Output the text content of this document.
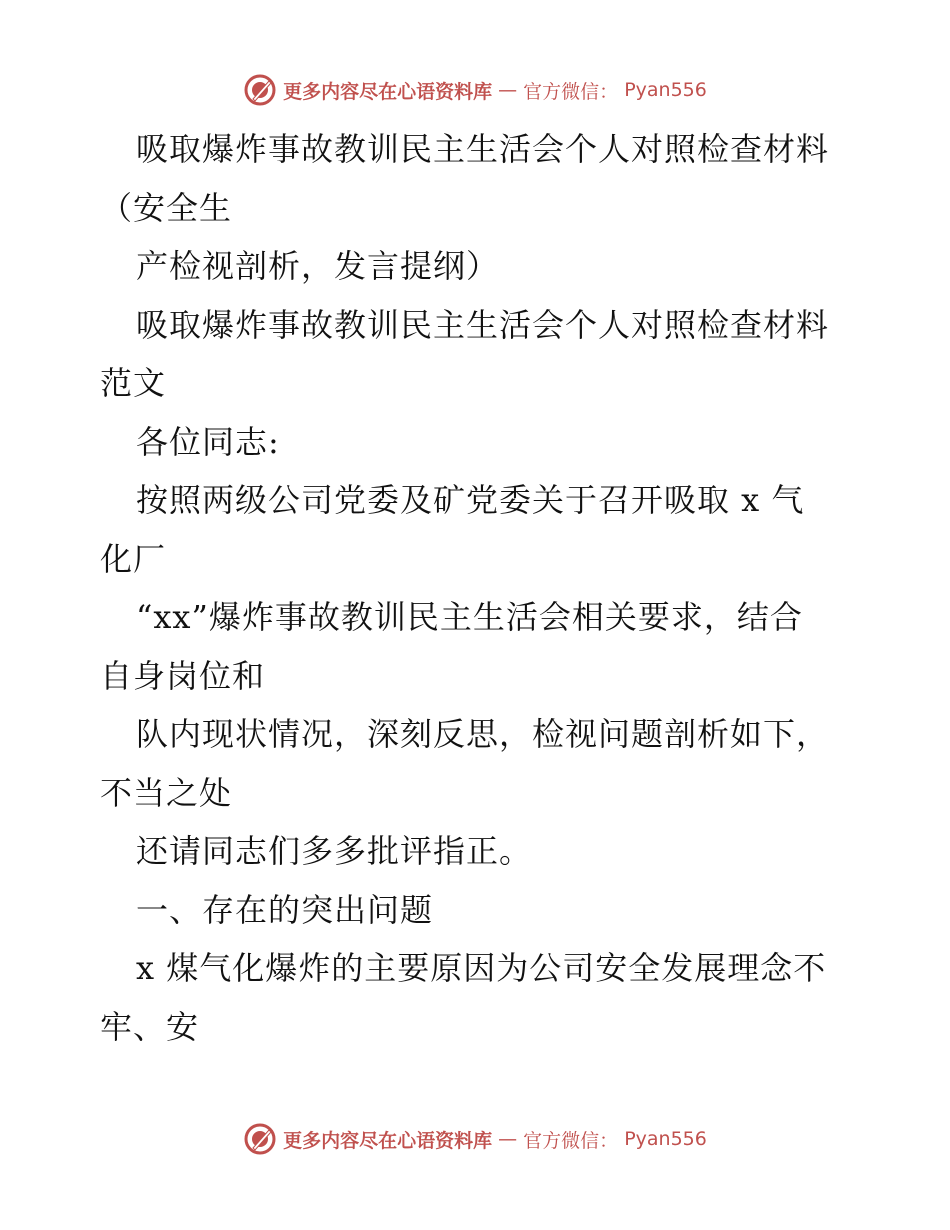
更多内容尽在心语资料库 — 官方微信： Pyan556
吸取爆炸事故教训民主生活会个人对照检查材料
（安全生
产检视剖析，发言提纲）
吸取爆炸事故教训民主生活会个人对照检查材料
范文
各位同志:
按照两级公司党委及矿党委关于召开吸取 x 气
化厂
“xx”爆炸事故教训民主生活会相关要求，结合
自身岗位和
队内现状情况，深刻反思，检视问题剖析如下，
不当之处
还请同志们多多批评指正。
一、存在的突出问题
x 煤气化爆炸的主要原因为公司安全发展理念不
牢、安
更多内容尽在心语资料库 — 官方微信： Pyan556
